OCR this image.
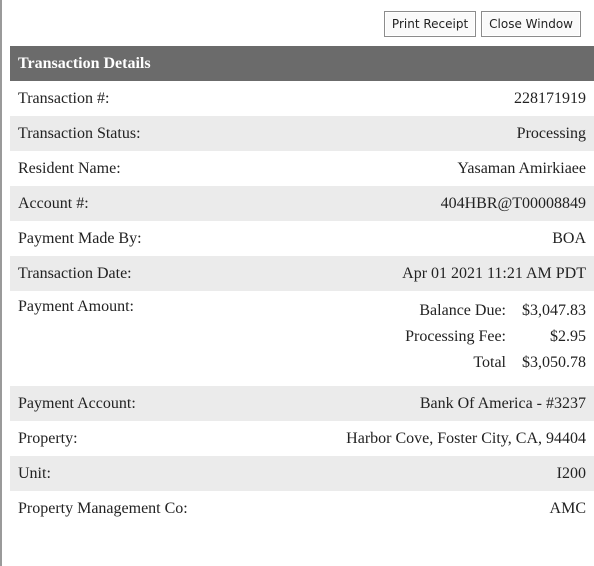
Print Receipt	Close Window
Transaction Details
Transaction #:	228171919
Transaction Status:	Processing
Resident Name:	Yasaman Amirkiaee
Account #:	404HBR@T00008849
Payment Made By:	BOA
Transaction Date:	Apr 01 2021 11:21 AM PDT
Payment Amount:	Balance Due:	$3,047.83
Processing Fee:	$2.95
Total	$3,050.78
Payment Account:	Bank Of America - #3237
Property:	Harbor Cove, Foster City, CA, 94404
Unit:	I200
Property Management Co:	AMC
